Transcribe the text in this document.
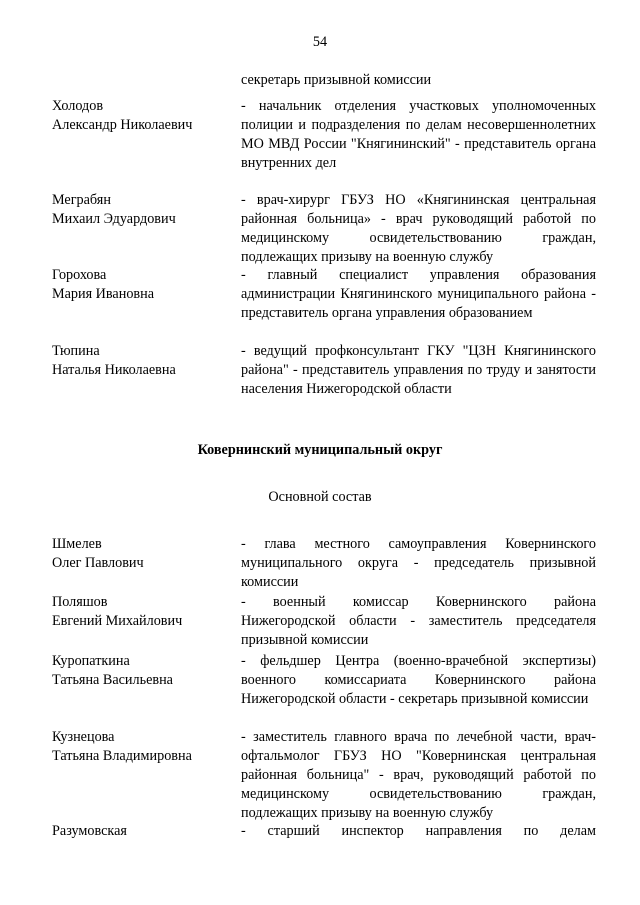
54
секретарь призывной комиссии
Холодов
Александр Николаевич
- начальник отделения участковых уполномоченных полиции и подразделения по делам несовершеннолетних МО МВД России "Княгининский" - представитель органа внутренних дел
Меграбян
Михаил Эдуардович
- врач-хирург ГБУЗ НО «Княгининская центральная районная больница» - врач руководящий работой по медицинскому освидетельствованию граждан, подлежащих призыву на военную службу
Горохова
Мария Ивановна
- главный специалист управления образования администрации Княгининского муниципального района - представитель органа управления образованием
Тюпина
Наталья Николаевна
- ведущий профконсультант ГКУ "ЦЗН Княгининского района" - представитель управления по труду и занятости населения Нижегородской области
Ковернинский муниципальный округ
Основной состав
Шмелев
Олег Павлович
- глава местного самоуправления Ковернинского муниципального округа - председатель призывной комиссии
Поляшов
Евгений Михайлович
- военный комиссар Ковернинского района Нижегородской области - заместитель председателя призывной комиссии
Куропаткина
Татьяна Васильевна
- фельдшер Центра (военно-врачебной экспертизы) военного комиссариата Ковернинского района Нижегородской области - секретарь призывной комиссии
Кузнецова
Татьяна Владимировна
- заместитель главного врача по лечебной части, врач-офтальмолог ГБУЗ НО "Ковернинская центральная районная больница" - врач, руководящий работой по медицинскому освидетельствованию граждан, подлежащих призыву на военную службу
Разумовская	- старший инспектор направления по делам
